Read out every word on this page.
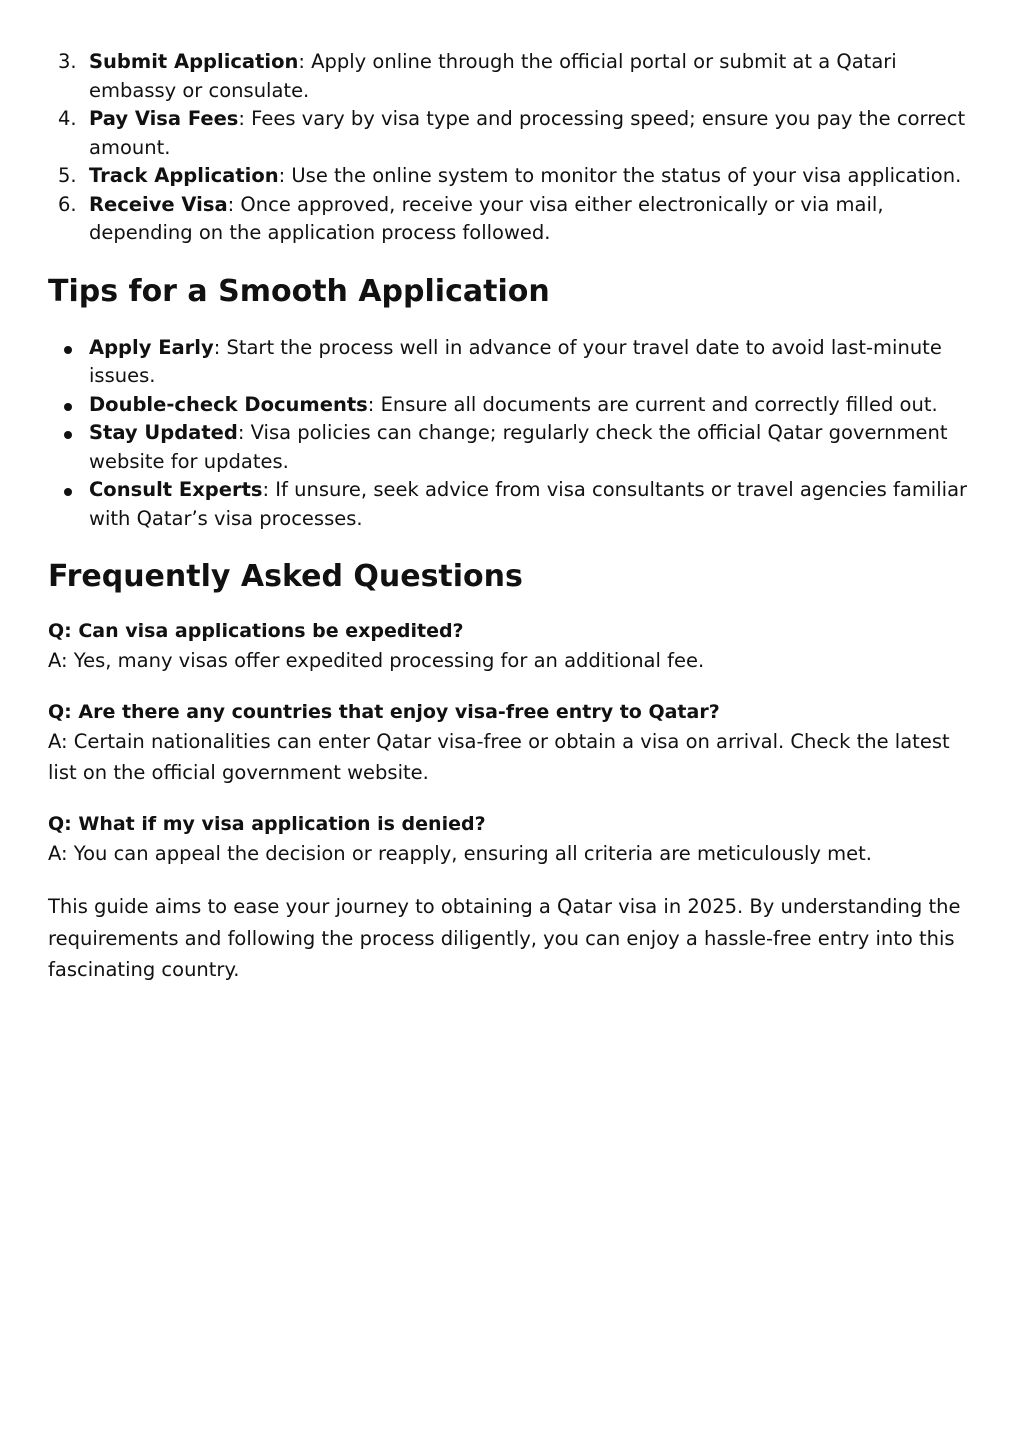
3. Submit Application: Apply online through the official portal or submit at a Qatari embassy or consulate.
4. Pay Visa Fees: Fees vary by visa type and processing speed; ensure you pay the correct amount.
5. Track Application: Use the online system to monitor the status of your visa application.
6. Receive Visa: Once approved, receive your visa either electronically or via mail, depending on the application process followed.
Tips for a Smooth Application
Apply Early: Start the process well in advance of your travel date to avoid last-minute issues.
Double-check Documents: Ensure all documents are current and correctly filled out.
Stay Updated: Visa policies can change; regularly check the official Qatar government website for updates.
Consult Experts: If unsure, seek advice from visa consultants or travel agencies familiar with Qatar’s visa processes.
Frequently Asked Questions
Q: Can visa applications be expedited?
A: Yes, many visas offer expedited processing for an additional fee.
Q: Are there any countries that enjoy visa-free entry to Qatar?
A: Certain nationalities can enter Qatar visa-free or obtain a visa on arrival. Check the latest list on the official government website.
Q: What if my visa application is denied?
A: You can appeal the decision or reapply, ensuring all criteria are meticulously met.

This guide aims to ease your journey to obtaining a Qatar visa in 2025. By understanding the requirements and following the process diligently, you can enjoy a hassle-free entry into this fascinating country.
